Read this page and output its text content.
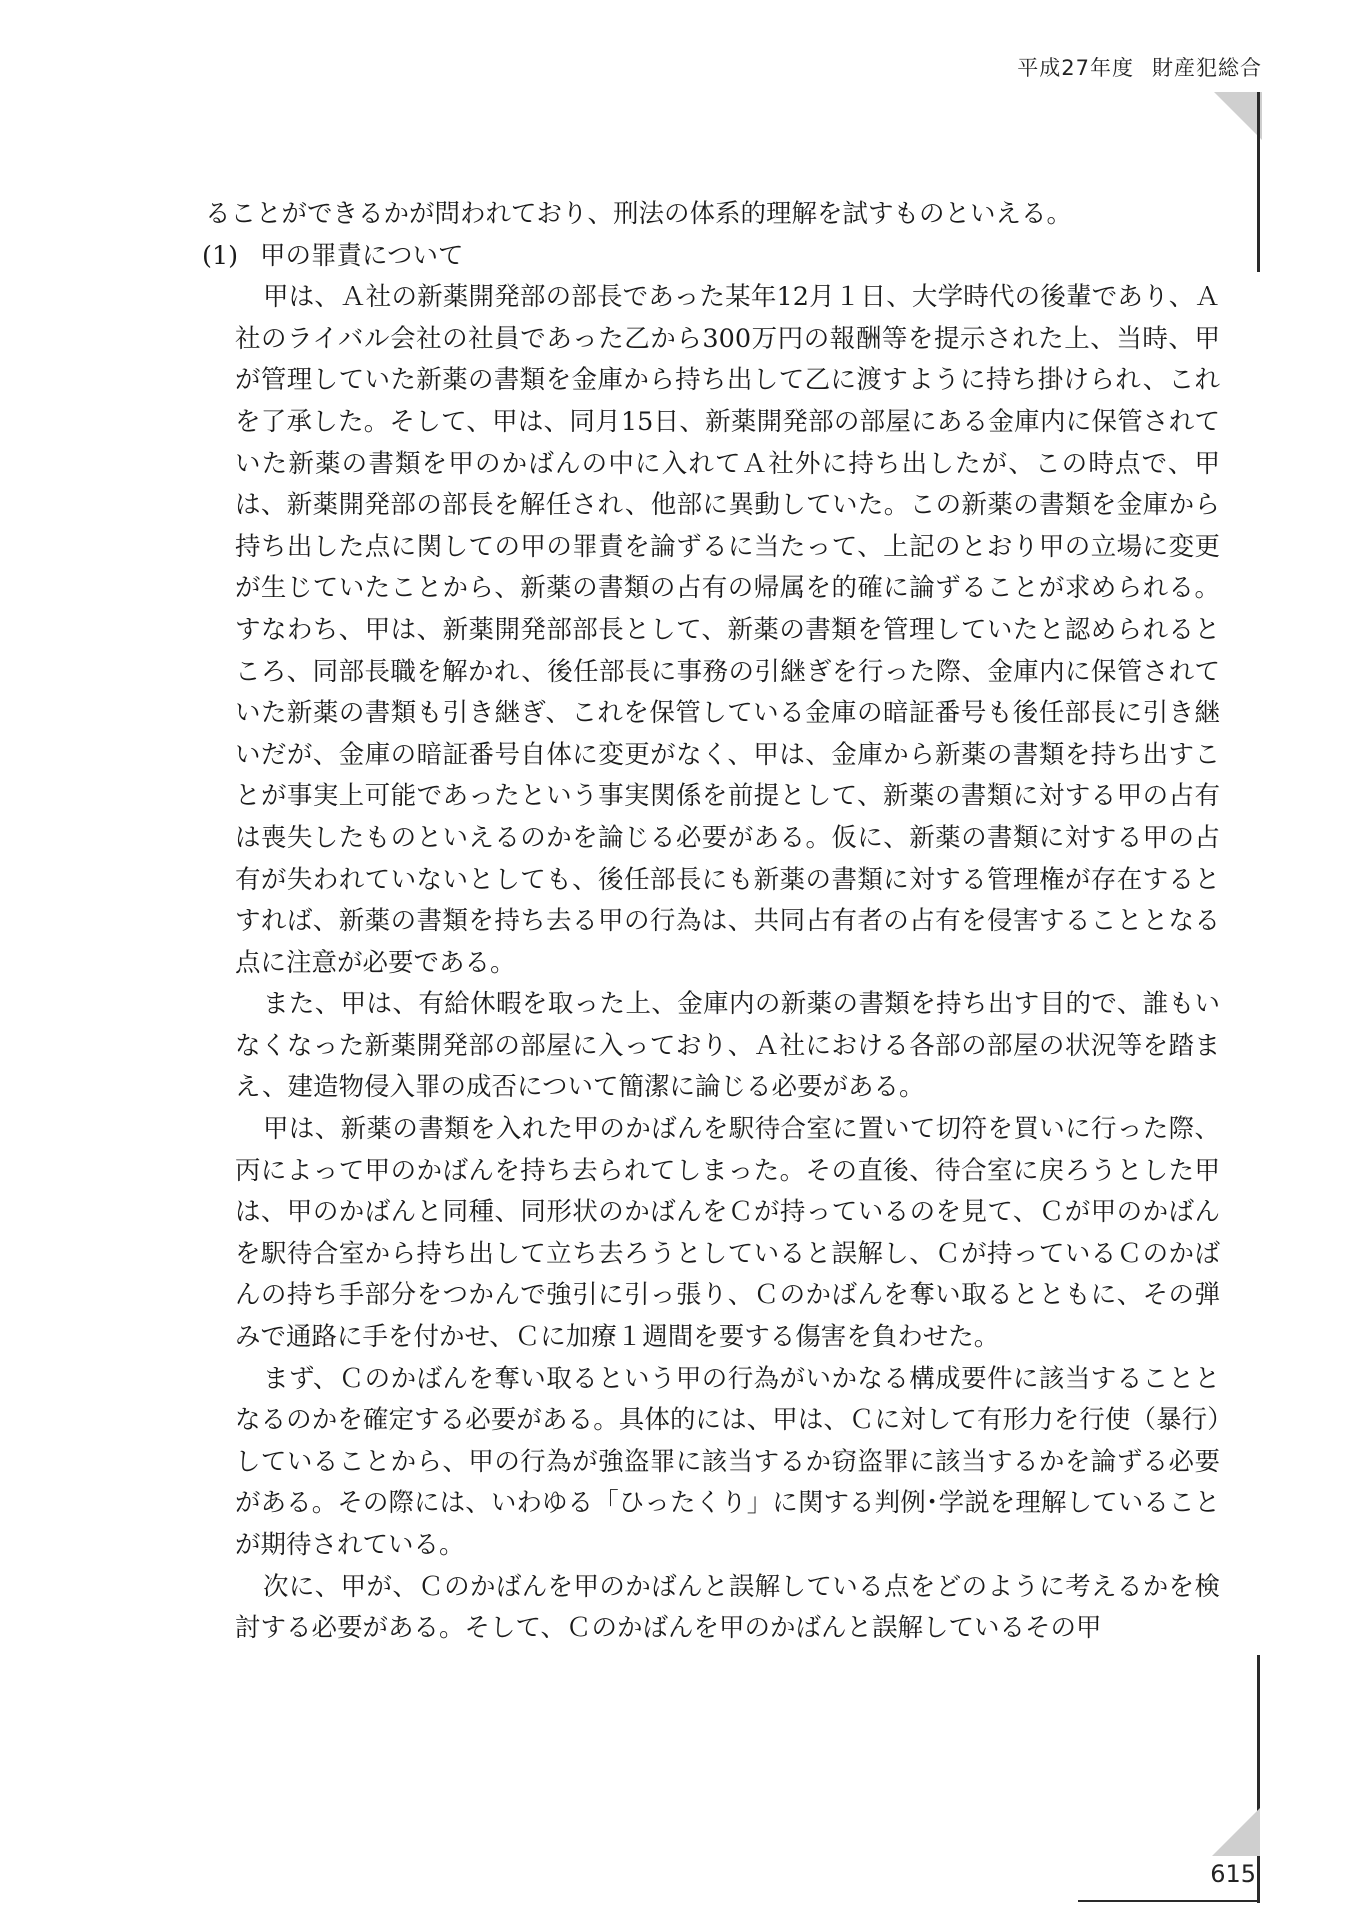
平成27年度 財産犯総合

ることができるかが問われており、刑法の体系的理解を試すものといえる。

(1) 甲の罪責について

甲は、Ａ社の新薬開発部の部長であった某年12月１日、大学時代の後輩であり、Ａ社のライバル会社の社員であった乙から300万円の報酬等を提示された上、当時、甲が管理していた新薬の書類を金庫から持ち出して乙に渡すように持ち掛けられ、これを了承した。そして、甲は、同月15日、新薬開発部の部屋にある金庫内に保管されていた新薬の書類を甲のかばんの中に入れてＡ社外に持ち出したが、この時点で、甲は、新薬開発部の部長を解任され、他部に異動していた。この新薬の書類を金庫から持ち出した点に関しての甲の罪責を論ずるに当たって、上記のとおり甲の立場に変更が生じていたことから、新薬の書類の占有の帰属を的確に論ずることが求められる。すなわち、甲は、新薬開発部部長として、新薬の書類を管理していたと認められるところ、同部長職を解かれ、後任部長に事務の引継ぎを行った際、金庫内に保管されていた新薬の書類も引き継ぎ、これを保管している金庫の暗証番号も後任部長に引き継いだが、金庫の暗証番号自体に変更がなく、甲は、金庫から新薬の書類を持ち出すことが事実上可能であったという事実関係を前提として、新薬の書類に対する甲の占有は喪失したものといえるのかを論じる必要がある。仮に、新薬の書類に対する甲の占有が失われていないとしても、後任部長にも新薬の書類に対する管理権が存在するとすれば、新薬の書類を持ち去る甲の行為は、共同占有者の占有を侵害することとなる点に注意が必要である。

また、甲は、有給休暇を取った上、金庫内の新薬の書類を持ち出す目的で、誰もいなくなった新薬開発部の部屋に入っており、Ａ社における各部の部屋の状況等を踏まえ、建造物侵入罪の成否について簡潔に論じる必要がある。

甲は、新薬の書類を入れた甲のかばんを駅待合室に置いて切符を買いに行った際、丙によって甲のかばんを持ち去られてしまった。その直後、待合室に戻ろうとした甲は、甲のかばんと同種、同形状のかばんをＣが持っているのを見て、Ｃが甲のかばんを駅待合室から持ち出して立ち去ろうとしていると誤解し、Ｃが持っているＣのかばんの持ち手部分をつかんで強引に引っ張り、Ｃのかばんを奪い取るとともに、その弾みで通路に手を付かせ、Ｃに加療１週間を要する傷害を負わせた。

まず、Ｃのかばんを奪い取るという甲の行為がいかなる構成要件に該当することとなるのかを確定する必要がある。具体的には、甲は、Ｃに対して有形力を行使（暴行）していることから、甲の行為が強盗罪に該当するか窃盗罪に該当するかを論ずる必要がある。その際には、いわゆる「ひったくり」に関する判例･学説を理解していることが期待されている。

次に、甲が、Ｃのかばんを甲のかばんと誤解している点をどのように考えるかを検討する必要がある。そして、Ｃのかばんを甲のかばんと誤解しているその甲

615
